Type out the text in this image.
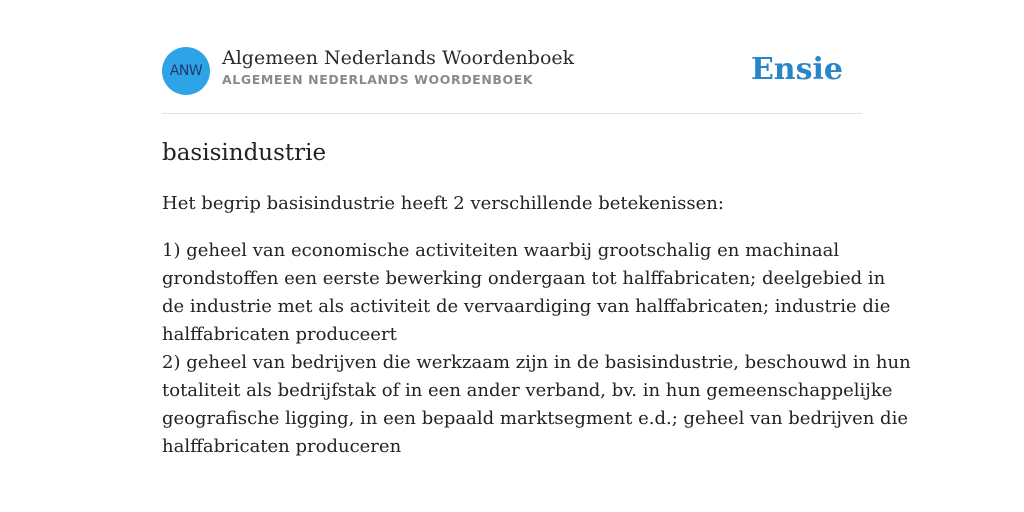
ANW
Algemeen Nederlands Woordenboek
ALGEMEEN NEDERLANDS WOORDENBOEK	Ensie
basisindustrie
Het begrip basisindustrie heeft 2 verschillende betekenissen:
1) geheel van economische activiteiten waarbij grootschalig en machinaal
grondstoffen een eerste bewerking ondergaan tot halffabricaten; deelgebied in
de industrie met als activiteit de vervaardiging van halffabricaten; industrie die
halffabricaten produceert
2) geheel van bedrijven die werkzaam zijn in de basisindustrie, beschouwd in hun
totaliteit als bedrijfstak of in een ander verband, bv. in hun gemeenschappelijke
geografische ligging, in een bepaald marktsegment e.d.; geheel van bedrijven die
halffabricaten produceren
